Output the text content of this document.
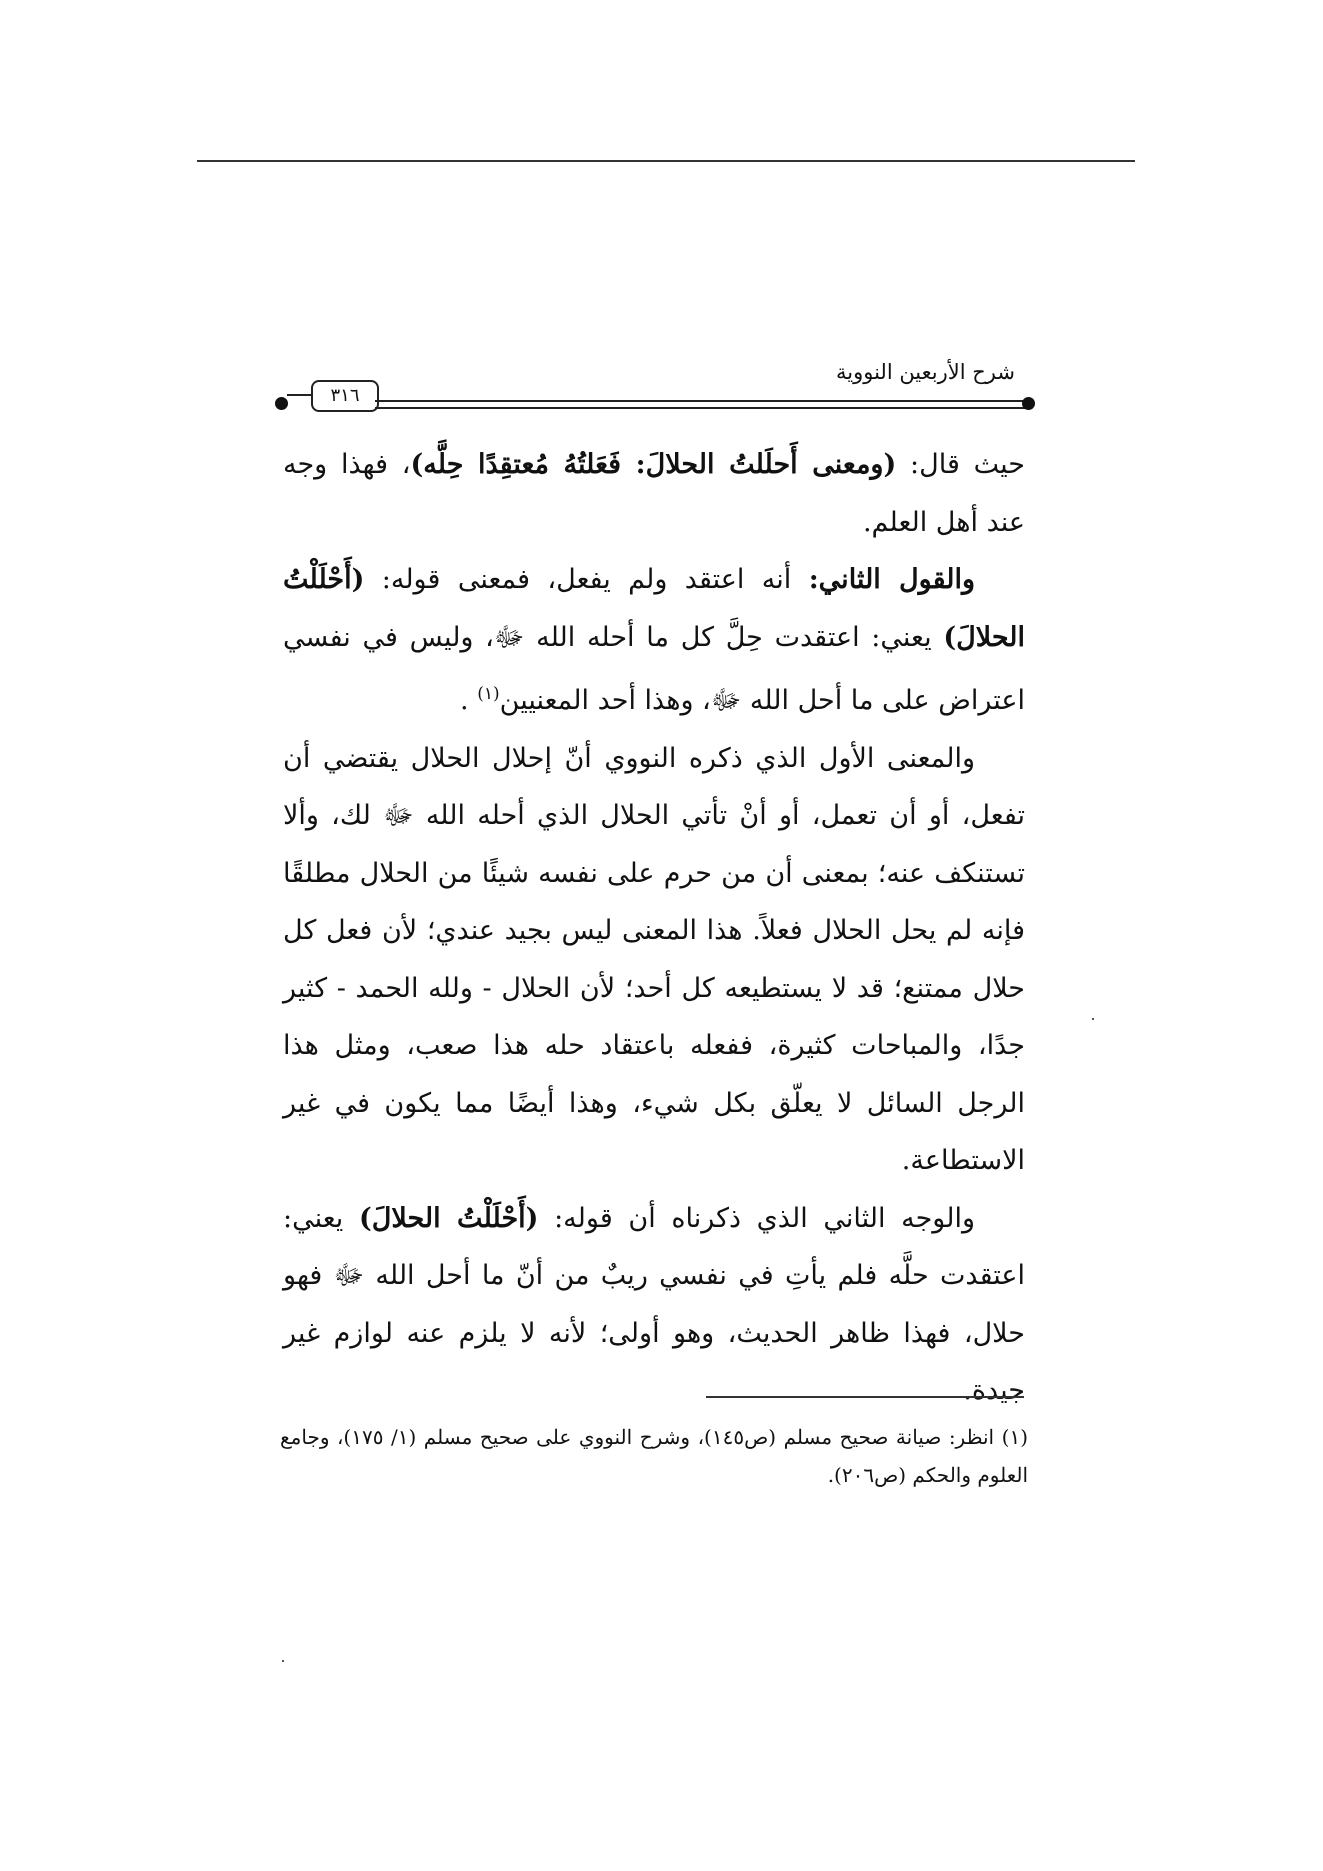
شرح الأربعين النووية
٣١٦

حيث قال: (ومعنى أَحلَلتُ الحلالَ: فَعَلتُهُ مُعتقِدًا حِلَّه)، فهذا وجه عند أهل العلم.

والقول الثاني: أنه اعتقد ولم يفعل، فمعنى قوله: (أَحْلَلْتُ الحلالَ) يعني: اعتقدت حِلَّ كل ما أحله الله ﷻ، وليس في نفسي اعتراض على ما أحل الله ﷻ، وهذا أحد المعنيين$^{(١)}$ .

والمعنى الأول الذي ذكره النووي أنّ إحلال الحلال يقتضي أن تفعل، أو أن تعمل، أو أنْ تأتي الحلال الذي أحله الله ﷻ لك، وألا تستنكف عنه؛ بمعنى أن من حرم على نفسه شيئًا من الحلال مطلقًا فإنه لم يحل الحلال فعلاً. هذا المعنى ليس بجيد عندي؛ لأن فعل كل حلال ممتنع؛ قد لا يستطيعه كل أحد؛ لأن الحلال - ولله الحمد - كثير جدًا، والمباحات كثيرة، ففعله باعتقاد حله هذا صعب، ومثل هذا الرجل السائل لا يعلّق بكل شيء، وهذا أيضًا مما يكون في غير الاستطاعة.

والوجه الثاني الذي ذكرناه أن قوله: (أَحْلَلْتُ الحلالَ) يعني: اعتقدت حلَّه فلم يأتِ في نفسي ريبٌ من أنّ ما أحل الله ﷻ فهو حلال، فهذا ظاهر الحديث، وهو أولى؛ لأنه لا يلزم عنه لوازم غير جيدة.

(١) انظر: صيانة صحيح مسلم (ص١٤٥)، وشرح النووي على صحيح مسلم (١/ ١٧٥)، وجامع العلوم والحكم (ص٢٠٦).
